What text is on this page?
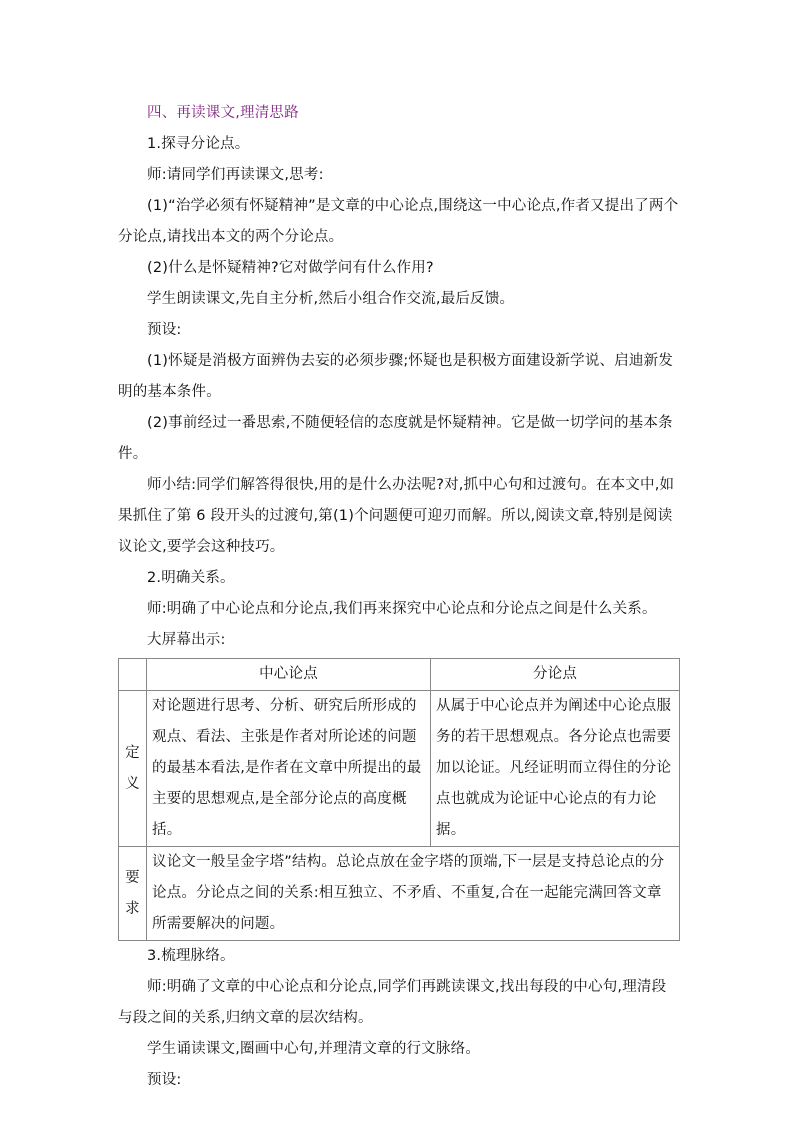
四、再读课文,理清思路

1.探寻分论点。

师:请同学们再读课文,思考:

(1)“治学必须有怀疑精神”是文章的中心论点,围绕这一中心论点,作者又提出了两个分论点,请找出本文的两个分论点。

(2)什么是怀疑精神?它对做学问有什么作用?

学生朗读课文,先自主分析,然后小组合作交流,最后反馈。

预设:

(1)怀疑是消极方面辨伪去妄的必须步骤;怀疑也是积极方面建设新学说、启迪新发明的基本条件。

(2)事前经过一番思索,不随便轻信的态度就是怀疑精神。它是做一切学问的基本条件。

师小结:同学们解答得很快,用的是什么办法呢?对,抓中心句和过渡句。在本文中,如果抓住了第 6 段开头的过渡句,第(1)个问题便可迎刃而解。所以,阅读文章,特别是阅读议论文,要学会这种技巧。

2.明确关系。

师:明确了中心论点和分论点,我们再来探究中心论点和分论点之间是什么关系。

大屏幕出示:

	中心论点	分论点
定义	对论题进行思考、分析、研究后所形成的观点、看法、主张是作者对所论述的问题的最基本看法,是作者在文章中所提出的最主要的思想观点,是全部分论点的高度概括。	从属于中心论点并为阐述中心论点服务的若干思想观点。各分论点也需要加以论证。凡经证明而立得住的分论点也就成为论证中心论点的有力论据。
要求	议论文一般呈金字塔”结构。总论点放在金字塔的顶端,下一层是支持总论点的分论点。分论点之间的关系:相互独立、不矛盾、不重复,合在一起能完满回答文章所需要解决的问题。	

3.梳理脉络。

师:明确了文章的中心论点和分论点,同学们再跳读课文,找出每段的中心句,理清段与段之间的关系,归纳文章的层次结构。

学生诵读课文,圈画中心句,并理清文章的行文脉络。

预设:
